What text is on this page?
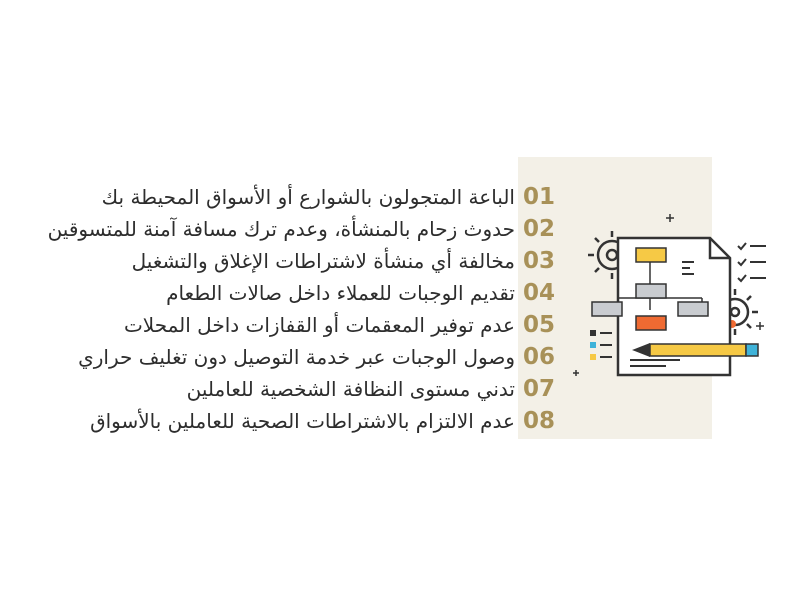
01
الباعة المتجولون بالشوارع أو الأسواق المحيطة بك
02
حدوث زحام بالمنشأة، وعدم ترك مسافة آمنة للمتسوقين
03
مخالفة أي منشأة لاشتراطات الإغلاق والتشغيل
04
تقديم الوجبات للعملاء داخل صالات الطعام
05
عدم توفير المعقمات أو القفازات داخل المحلات
06
وصول الوجبات عبر خدمة التوصيل دون تغليف حراري
07
تدني مستوى النظافة الشخصية للعاملين
08
عدم الالتزام بالاشتراطات الصحية للعاملين بالأسواق
